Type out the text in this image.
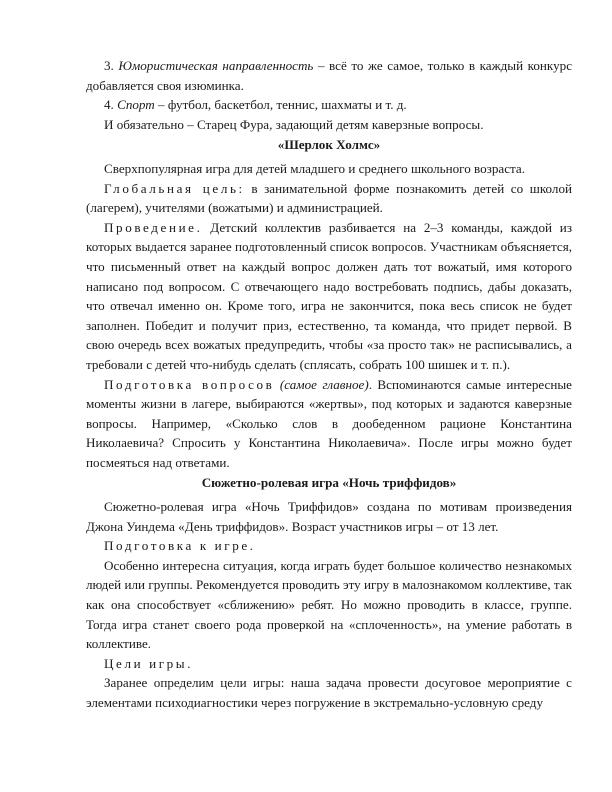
3. Юмористическая направленность – всё то же самое, только в каждый конкурс добавляется своя изюминка.

4. Спорт – футбол, баскетбол, теннис, шахматы и т. д.

И обязательно – Старец Фура, задающий детям каверзные вопросы.

«Шерлок Холмс»

Сверхпопулярная игра для детей младшего и среднего школьного возраста.

Глобальная цель: в занимательной форме познакомить детей со школой (лагерем), учителями (вожатыми) и администрацией.

Проведение. Детский коллектив разбивается на 2–3 команды, каждой из которых выдается заранее подготовленный список вопросов. Участникам объясняется, что письменный ответ на каждый вопрос должен дать тот вожатый, имя которого написано под вопросом. С отвечающего надо востребовать подпись, дабы доказать, что отвечал именно он. Кроме того, игра не закончится, пока весь список не будет заполнен. Победит и получит приз, естественно, та команда, что придет первой. В свою очередь всех вожатых предупредить, чтобы «за просто так» не расписывались, а требовали с детей что-нибудь сделать (сплясать, собрать 100 шишек и т. п.).

Подготовка вопросов (самое главное). Вспоминаются самые интересные моменты жизни в лагере, выбираются «жертвы», под которых и задаются каверзные вопросы. Например, «Сколько слов в дообеденном рационе Константина Николаевича? Спросить у Константина Николаевича». После игры можно будет посмеяться над ответами.

Сюжетно-ролевая игра «Ночь триффидов»

Сюжетно-ролевая игра «Ночь Триффидов» создана по мотивам произведения Джона Уиндема «День триффидов». Возраст участников игры – от 13 лет.

Подготовка к игре.

Особенно интересна ситуация, когда играть будет большое количество незнакомых людей или группы. Рекомендуется проводить эту игру в малознакомом коллективе, так как она способствует «сближению» ребят. Но можно проводить в классе, группе. Тогда игра станет своего рода проверкой на «сплоченность», на умение работать в коллективе.

Цели игры.

Заранее определим цели игры: наша задача провести досуговое мероприятие с элементами психодиагностики через погружение в экстремально-условную среду
